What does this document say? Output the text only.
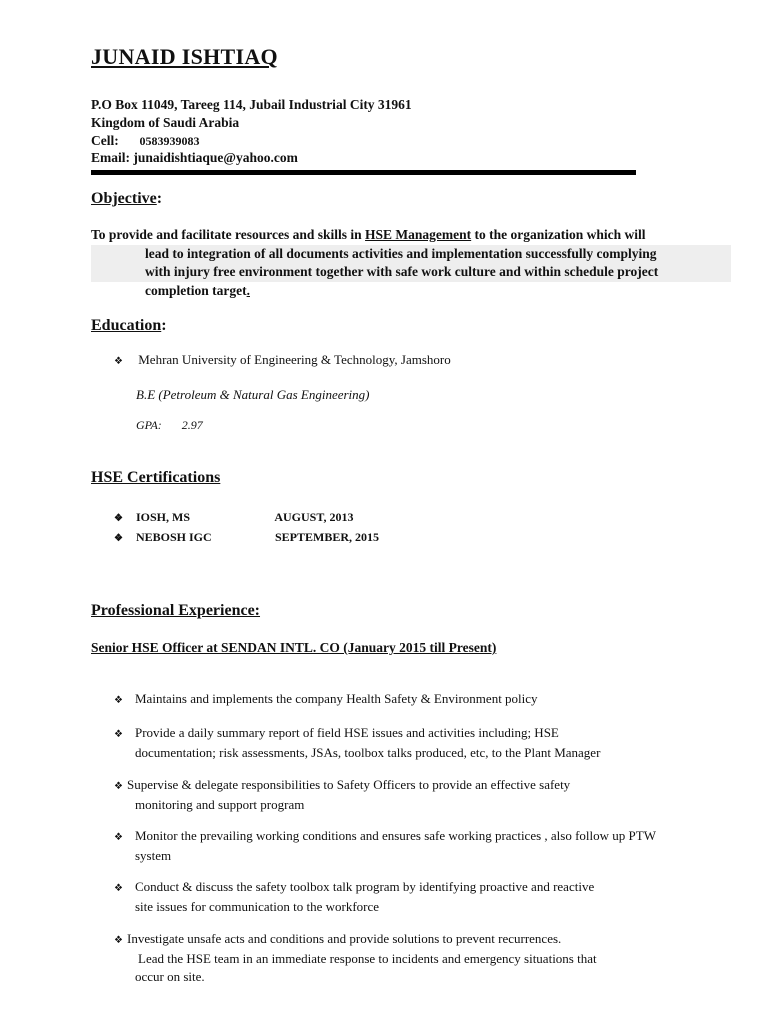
JUNAID ISHTIAQ
P.O Box 11049, Tareeg 114, Jubail Industrial City 31961
Kingdom of Saudi Arabia
Cell: 0583939083
Email: junaidishtiaque@yahoo.com
Objective:
To provide and facilitate resources and skills in HSE Management to the organization which will
lead to integration of all documents activities and implementation successfully complying
with injury free environment together with safe work culture and within schedule project
completion target.
Education:
❖ Mehran University of Engineering & Technology, Jamshoro
B.E (Petroleum & Natural Gas Engineering)
GPA: 2.97
HSE Certifications
❖ IOSH, MS	AUGUST, 2013
❖ NEBOSH IGC	SEPTEMBER, 2015
Professional Experience:
Senior HSE Officer at SENDAN INTL. CO (January 2015 till Present)
❖ Maintains and implements the company Health Safety & Environment policy
❖ Provide a daily summary report of field HSE issues and activities including; HSE
documentation; risk assessments, JSAs, toolbox talks produced, etc, to the Plant Manager
❖ Supervise & delegate responsibilities to Safety Officers to provide an effective safety
monitoring and support program
❖ Monitor the prevailing working conditions and ensures safe working practices , also follow up PTW
system
❖ Conduct & discuss the safety toolbox talk program by identifying proactive and reactive
site issues for communication to the workforce
❖ Investigate unsafe acts and conditions and provide solutions to prevent recurrences.
Lead the HSE team in an immediate response to incidents and emergency situations that
occur on site.
